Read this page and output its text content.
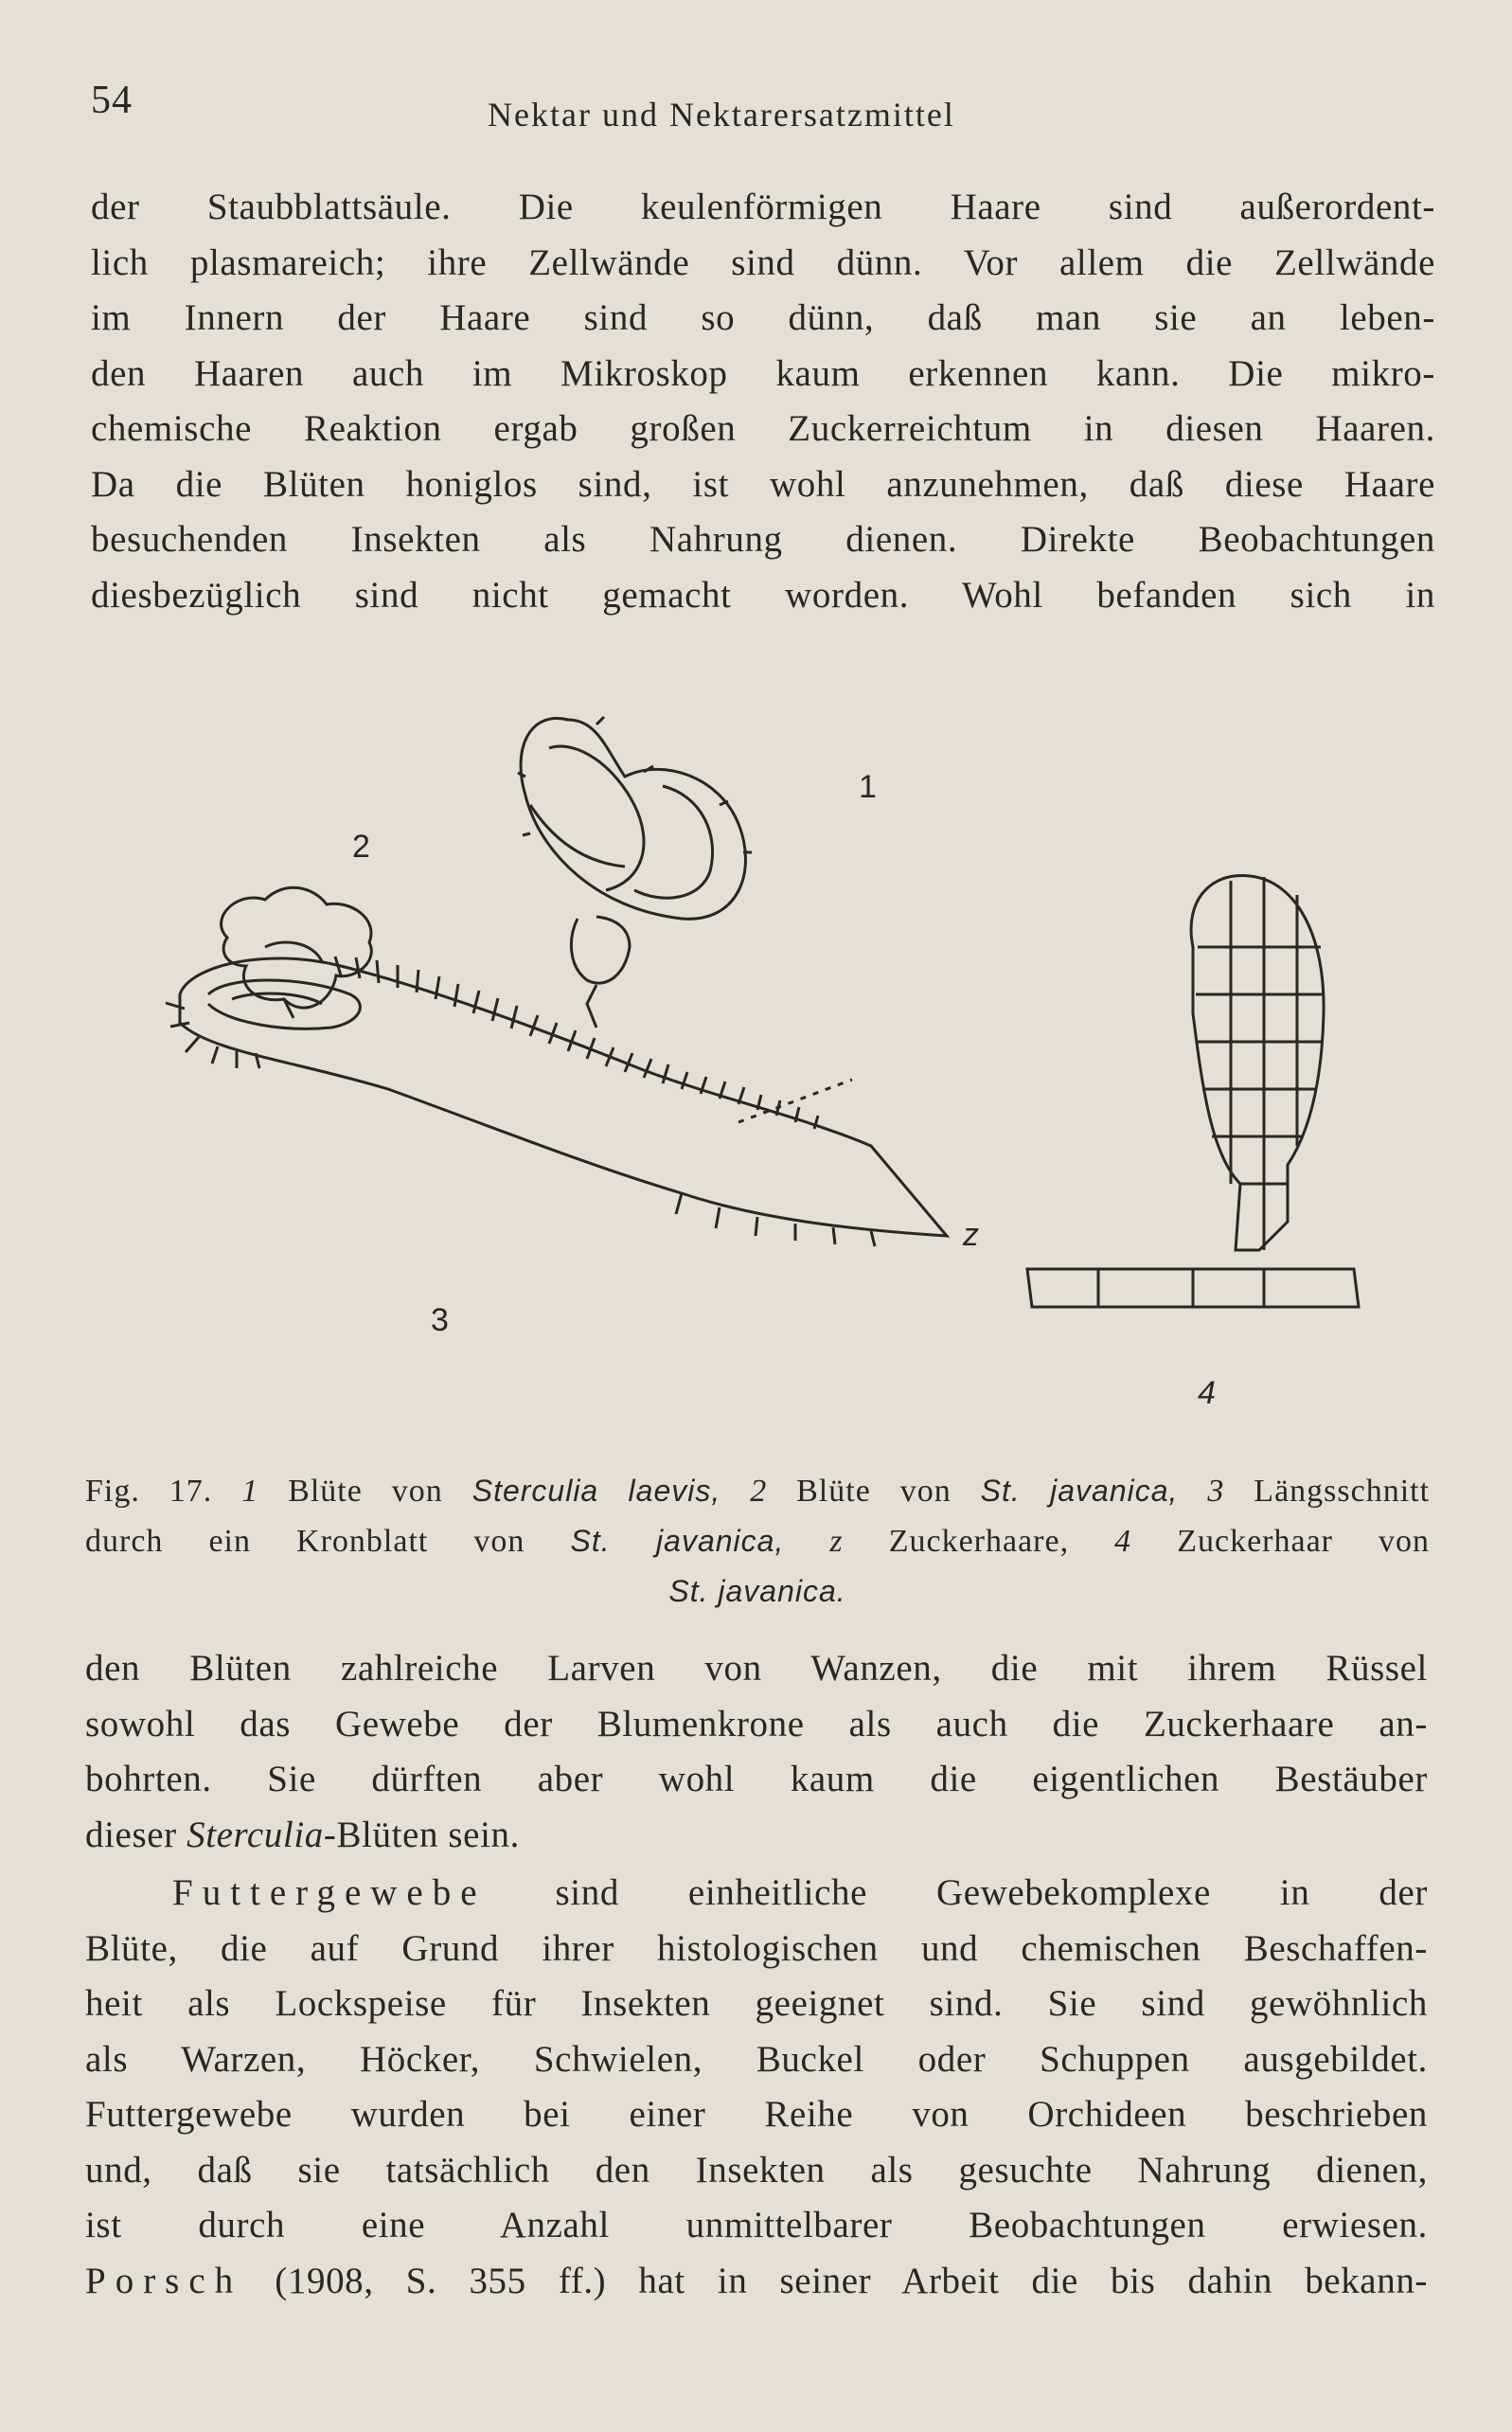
54	Nektar und Nektarersatzmittel
der Staubblattsäule. Die keulenförmigen Haare sind außerordent-
lich plasmareich; ihre Zellwände sind dünn. Vor allem die Zellwände
im Innern der Haare sind so dünn, daß man sie an leben-
den Haaren auch im Mikroskop kaum erkennen kann. Die mikro-
chemische Reaktion ergab großen Zuckerreichtum in diesen Haaren.
Da die Blüten honiglos sind, ist wohl anzunehmen, daß diese Haare
besuchenden Insekten als Nahrung dienen. Direkte Beobachtungen
diesbezüglich sind nicht gemacht worden. Wohl befanden sich in
1
2
3
4
z
Fig. 17. 1 Blüte von Sterculia laevis, 2 Blüte von St. javanica, 3 Längsschnitt
durch ein Kronblatt von St. javanica, z Zuckerhaare, 4 Zuckerhaar von
St. javanica.
den Blüten zahlreiche Larven von Wanzen, die mit ihrem Rüssel
sowohl das Gewebe der Blumenkrone als auch die Zuckerhaare an-
bohrten. Sie dürften aber wohl kaum die eigentlichen Bestäuber
dieser Sterculia-Blüten sein.
Futtergewebe sind einheitliche Gewebekomplexe in der
Blüte, die auf Grund ihrer histologischen und chemischen Beschaffen-
heit als Lockspeise für Insekten geeignet sind. Sie sind gewöhnlich
als Warzen, Höcker, Schwielen, Buckel oder Schuppen ausgebildet.
Futtergewebe wurden bei einer Reihe von Orchideen beschrieben
und, daß sie tatsächlich den Insekten als gesuchte Nahrung dienen,
ist durch eine Anzahl unmittelbarer Beobachtungen erwiesen.
Porsch (1908, S. 355 ff.) hat in seiner Arbeit die bis dahin bekann-
